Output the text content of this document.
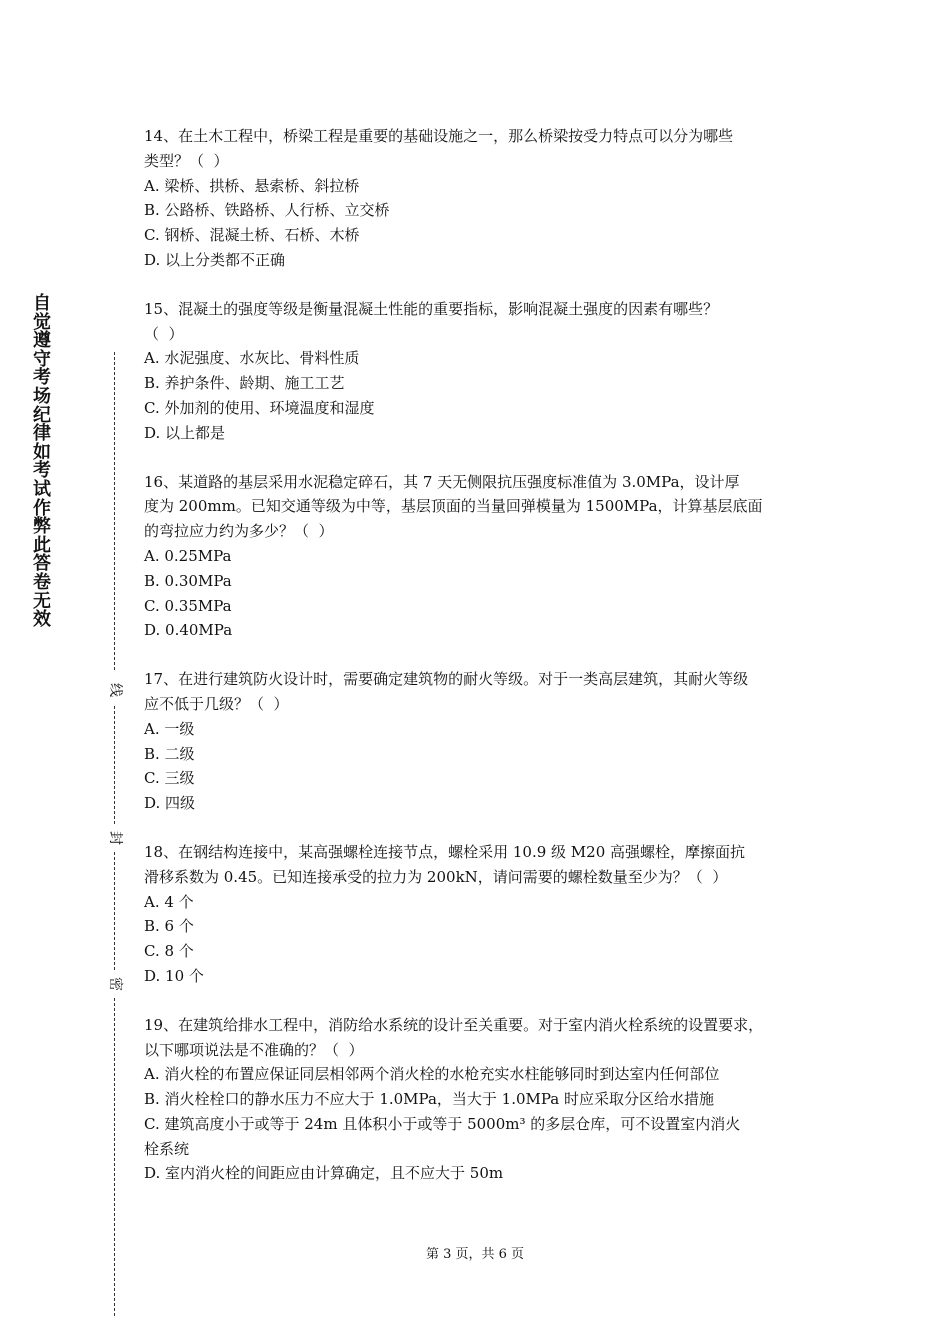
自觉遵守考场纪律如考试作弊此答卷无效
线
封
密

14、在土木工程中，桥梁工程是重要的基础设施之一，那么桥梁按受力特点可以分为哪些

类型？（  ）

A. 梁桥、拱桥、悬索桥、斜拉桥

B. 公路桥、铁路桥、人行桥、立交桥

C. 钢桥、混凝土桥、石桥、木桥

D. 以上分类都不正确

15、混凝土的强度等级是衡量混凝土性能的重要指标，影响混凝土强度的因素有哪些？

（  ）

A. 水泥强度、水灰比、骨料性质

B. 养护条件、龄期、施工工艺

C. 外加剂的使用、环境温度和湿度

D. 以上都是

16、某道路的基层采用水泥稳定碎石，其 7 天无侧限抗压强度标准值为 3.0MPa，设计厚

度为 200mm。已知交通等级为中等，基层顶面的当量回弹模量为 1500MPa，计算基层底面

的弯拉应力约为多少？（  ）

A. 0.25MPa

B. 0.30MPa

C. 0.35MPa

D. 0.40MPa

17、在进行建筑防火设计时，需要确定建筑物的耐火等级。对于一类高层建筑，其耐火等级

应不低于几级？（  ）

A. 一级

B. 二级

C. 三级

D. 四级

18、在钢结构连接中，某高强螺栓连接节点，螺栓采用 10.9 级 M20 高强螺栓，摩擦面抗

滑移系数为 0.45。已知连接承受的拉力为 200kN，请问需要的螺栓数量至少为？（  ）

A. 4 个

B. 6 个

C. 8 个

D. 10 个

19、在建筑给排水工程中，消防给水系统的设计至关重要。对于室内消火栓系统的设置要求，

以下哪项说法是不准确的？（  ）

A. 消火栓的布置应保证同层相邻两个消火栓的水枪充实水柱能够同时到达室内任何部位

B. 消火栓栓口的静水压力不应大于 1.0MPa，当大于 1.0MPa 时应采取分区给水措施

C. 建筑高度小于或等于 24m 且体积小于或等于 5000m³ 的多层仓库，可不设置室内消火
栓系统

D. 室内消火栓的间距应由计算确定，且不应大于 50m

第 3 页，共 6 页
